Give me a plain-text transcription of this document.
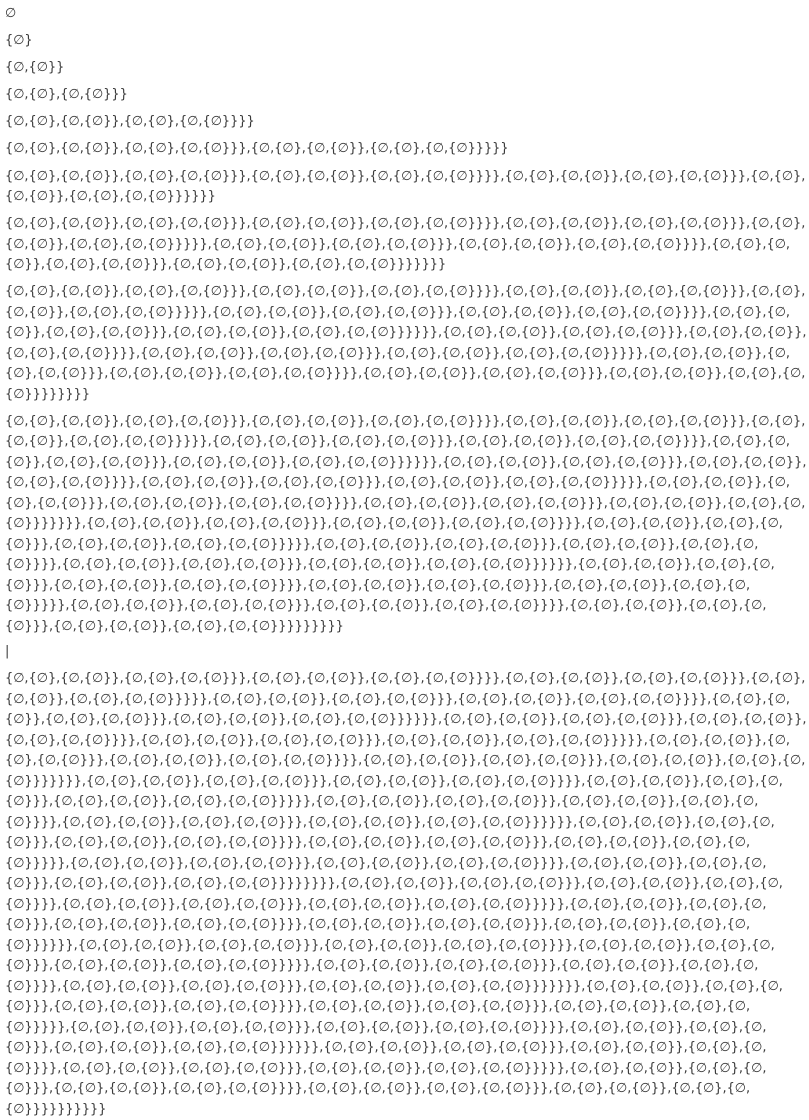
∅
{∅}
{∅,{∅}}
{∅,{∅},{∅,{∅}}}
{∅,{∅},{∅,{∅}},{∅,{∅},{∅,{∅}}}}
{∅,{∅},{∅,{∅}},{∅,{∅},{∅,{∅}}},{∅,{∅},{∅,{∅}},{∅,{∅},{∅,{∅}}}}}
{∅,{∅},{∅,{∅}},{∅,{∅},{∅,{∅}}},{∅,{∅},{∅,{∅}},{∅,{∅},{∅,{∅}}}},{∅,{∅},{∅,{∅}},{∅,{∅},{∅,{∅}}},{∅,{∅},{∅,{∅}},{∅,{∅},{∅,{∅}}}}}}
{∅,{∅},{∅,{∅}},{∅,{∅},{∅,{∅}}},{∅,{∅},{∅,{∅}},{∅,{∅},{∅,{∅}}}},{∅,{∅},{∅,{∅}},{∅,{∅},{∅,{∅}}},{∅,{∅},{∅,{∅}},{∅,{∅},{∅,{∅}}}}},{∅,{∅},{∅,{∅}},{∅,{∅},{∅,{∅}}},{∅,{∅},{∅,{∅}},{∅,{∅},{∅,{∅}}}},{∅,{∅},{∅,{∅}},{∅,{∅},{∅,{∅}}},{∅,{∅},{∅,{∅}},{∅,{∅},{∅,{∅}}}}}}}
{∅,{∅},{∅,{∅}},{∅,{∅},{∅,{∅}}},{∅,{∅},{∅,{∅}},{∅,{∅},{∅,{∅}}}},{∅,{∅},{∅,{∅}},{∅,{∅},{∅,{∅}}},{∅,{∅},{∅,{∅}},{∅,{∅},{∅,{∅}}}}},{∅,{∅},{∅,{∅}},{∅,{∅},{∅,{∅}}},{∅,{∅},{∅,{∅}},{∅,{∅},{∅,{∅}}}},{∅,{∅},{∅,{∅}},{∅,{∅},{∅,{∅}}},{∅,{∅},{∅,{∅}},{∅,{∅},{∅,{∅}}}}}},{∅,{∅},{∅,{∅}},{∅,{∅},{∅,{∅}}},{∅,{∅},{∅,{∅}},{∅,{∅},{∅,{∅}}}},{∅,{∅},{∅,{∅}},{∅,{∅},{∅,{∅}}},{∅,{∅},{∅,{∅}},{∅,{∅},{∅,{∅}}}}},{∅,{∅},{∅,{∅}},{∅,{∅},{∅,{∅}}},{∅,{∅},{∅,{∅}},{∅,{∅},{∅,{∅}}}},{∅,{∅},{∅,{∅}},{∅,{∅},{∅,{∅}}},{∅,{∅},{∅,{∅}},{∅,{∅},{∅,{∅}}}}}}}}
{∅,{∅},{∅,{∅}},{∅,{∅},{∅,{∅}}},{∅,{∅},{∅,{∅}},{∅,{∅},{∅,{∅}}}},{∅,{∅},{∅,{∅}},{∅,{∅},{∅,{∅}}},{∅,{∅},{∅,{∅}},{∅,{∅},{∅,{∅}}}}},{∅,{∅},{∅,{∅}},{∅,{∅},{∅,{∅}}},{∅,{∅},{∅,{∅}},{∅,{∅},{∅,{∅}}}},{∅,{∅},{∅,{∅}},{∅,{∅},{∅,{∅}}},{∅,{∅},{∅,{∅}},{∅,{∅},{∅,{∅}}}}}},{∅,{∅},{∅,{∅}},{∅,{∅},{∅,{∅}}},{∅,{∅},{∅,{∅}},{∅,{∅},{∅,{∅}}}},{∅,{∅},{∅,{∅}},{∅,{∅},{∅,{∅}}},{∅,{∅},{∅,{∅}},{∅,{∅},{∅,{∅}}}}},{∅,{∅},{∅,{∅}},{∅,{∅},{∅,{∅}}},{∅,{∅},{∅,{∅}},{∅,{∅},{∅,{∅}}}},{∅,{∅},{∅,{∅}},{∅,{∅},{∅,{∅}}},{∅,{∅},{∅,{∅}},{∅,{∅},{∅,{∅}}}}}}},{∅,{∅},{∅,{∅}},{∅,{∅},{∅,{∅}}},{∅,{∅},{∅,{∅}},{∅,{∅},{∅,{∅}}}},{∅,{∅},{∅,{∅}},{∅,{∅},{∅,{∅}}},{∅,{∅},{∅,{∅}},{∅,{∅},{∅,{∅}}}}},{∅,{∅},{∅,{∅}},{∅,{∅},{∅,{∅}}},{∅,{∅},{∅,{∅}},{∅,{∅},{∅,{∅}}}},{∅,{∅},{∅,{∅}},{∅,{∅},{∅,{∅}}},{∅,{∅},{∅,{∅}},{∅,{∅},{∅,{∅}}}}}},{∅,{∅},{∅,{∅}},{∅,{∅},{∅,{∅}}},{∅,{∅},{∅,{∅}},{∅,{∅},{∅,{∅}}}},{∅,{∅},{∅,{∅}},{∅,{∅},{∅,{∅}}},{∅,{∅},{∅,{∅}},{∅,{∅},{∅,{∅}}}}},{∅,{∅},{∅,{∅}},{∅,{∅},{∅,{∅}}},{∅,{∅},{∅,{∅}},{∅,{∅},{∅,{∅}}}},{∅,{∅},{∅,{∅}},{∅,{∅},{∅,{∅}}},{∅,{∅},{∅,{∅}},{∅,{∅},{∅,{∅}}}}}}}}}
|
{∅,{∅},{∅,{∅}},{∅,{∅},{∅,{∅}}},{∅,{∅},{∅,{∅}},{∅,{∅},{∅,{∅}}}},{∅,{∅},{∅,{∅}},{∅,{∅},{∅,{∅}}},{∅,{∅},{∅,{∅}},{∅,{∅},{∅,{∅}}}}},{∅,{∅},{∅,{∅}},{∅,{∅},{∅,{∅}}},{∅,{∅},{∅,{∅}},{∅,{∅},{∅,{∅}}}},{∅,{∅},{∅,{∅}},{∅,{∅},{∅,{∅}}},{∅,{∅},{∅,{∅}},{∅,{∅},{∅,{∅}}}}}},{∅,{∅},{∅,{∅}},{∅,{∅},{∅,{∅}}},{∅,{∅},{∅,{∅}},{∅,{∅},{∅,{∅}}}},{∅,{∅},{∅,{∅}},{∅,{∅},{∅,{∅}}},{∅,{∅},{∅,{∅}},{∅,{∅},{∅,{∅}}}}},{∅,{∅},{∅,{∅}},{∅,{∅},{∅,{∅}}},{∅,{∅},{∅,{∅}},{∅,{∅},{∅,{∅}}}},{∅,{∅},{∅,{∅}},{∅,{∅},{∅,{∅}}},{∅,{∅},{∅,{∅}},{∅,{∅},{∅,{∅}}}}}}},{∅,{∅},{∅,{∅}},{∅,{∅},{∅,{∅}}},{∅,{∅},{∅,{∅}},{∅,{∅},{∅,{∅}}}},{∅,{∅},{∅,{∅}},{∅,{∅},{∅,{∅}}},{∅,{∅},{∅,{∅}},{∅,{∅},{∅,{∅}}}}},{∅,{∅},{∅,{∅}},{∅,{∅},{∅,{∅}}},{∅,{∅},{∅,{∅}},{∅,{∅},{∅,{∅}}}},{∅,{∅},{∅,{∅}},{∅,{∅},{∅,{∅}}},{∅,{∅},{∅,{∅}},{∅,{∅},{∅,{∅}}}}}},{∅,{∅},{∅,{∅}},{∅,{∅},{∅,{∅}}},{∅,{∅},{∅,{∅}},{∅,{∅},{∅,{∅}}}},{∅,{∅},{∅,{∅}},{∅,{∅},{∅,{∅}}},{∅,{∅},{∅,{∅}},{∅,{∅},{∅,{∅}}}}},{∅,{∅},{∅,{∅}},{∅,{∅},{∅,{∅}}},{∅,{∅},{∅,{∅}},{∅,{∅},{∅,{∅}}}},{∅,{∅},{∅,{∅}},{∅,{∅},{∅,{∅}}},{∅,{∅},{∅,{∅}},{∅,{∅},{∅,{∅}}}}}}}},{∅,{∅},{∅,{∅}},{∅,{∅},{∅,{∅}}},{∅,{∅},{∅,{∅}},{∅,{∅},{∅,{∅}}}},{∅,{∅},{∅,{∅}},{∅,{∅},{∅,{∅}}},{∅,{∅},{∅,{∅}},{∅,{∅},{∅,{∅}}}}},{∅,{∅},{∅,{∅}},{∅,{∅},{∅,{∅}}},{∅,{∅},{∅,{∅}},{∅,{∅},{∅,{∅}}}},{∅,{∅},{∅,{∅}},{∅,{∅},{∅,{∅}}},{∅,{∅},{∅,{∅}},{∅,{∅},{∅,{∅}}}}}},{∅,{∅},{∅,{∅}},{∅,{∅},{∅,{∅}}},{∅,{∅},{∅,{∅}},{∅,{∅},{∅,{∅}}}},{∅,{∅},{∅,{∅}},{∅,{∅},{∅,{∅}}},{∅,{∅},{∅,{∅}},{∅,{∅},{∅,{∅}}}}},{∅,{∅},{∅,{∅}},{∅,{∅},{∅,{∅}}},{∅,{∅},{∅,{∅}},{∅,{∅},{∅,{∅}}}},{∅,{∅},{∅,{∅}},{∅,{∅},{∅,{∅}}},{∅,{∅},{∅,{∅}},{∅,{∅},{∅,{∅}}}}}}},{∅,{∅},{∅,{∅}},{∅,{∅},{∅,{∅}}},{∅,{∅},{∅,{∅}},{∅,{∅},{∅,{∅}}}},{∅,{∅},{∅,{∅}},{∅,{∅},{∅,{∅}}},{∅,{∅},{∅,{∅}},{∅,{∅},{∅,{∅}}}}},{∅,{∅},{∅,{∅}},{∅,{∅},{∅,{∅}}},{∅,{∅},{∅,{∅}},{∅,{∅},{∅,{∅}}}},{∅,{∅},{∅,{∅}},{∅,{∅},{∅,{∅}}},{∅,{∅},{∅,{∅}},{∅,{∅},{∅,{∅}}}}}},{∅,{∅},{∅,{∅}},{∅,{∅},{∅,{∅}}},{∅,{∅},{∅,{∅}},{∅,{∅},{∅,{∅}}}},{∅,{∅},{∅,{∅}},{∅,{∅},{∅,{∅}}},{∅,{∅},{∅,{∅}},{∅,{∅},{∅,{∅}}}}},{∅,{∅},{∅,{∅}},{∅,{∅},{∅,{∅}}},{∅,{∅},{∅,{∅}},{∅,{∅},{∅,{∅}}}},{∅,{∅},{∅,{∅}},{∅,{∅},{∅,{∅}}},{∅,{∅},{∅,{∅}},{∅,{∅},{∅,{∅}}}}}}}}}}
